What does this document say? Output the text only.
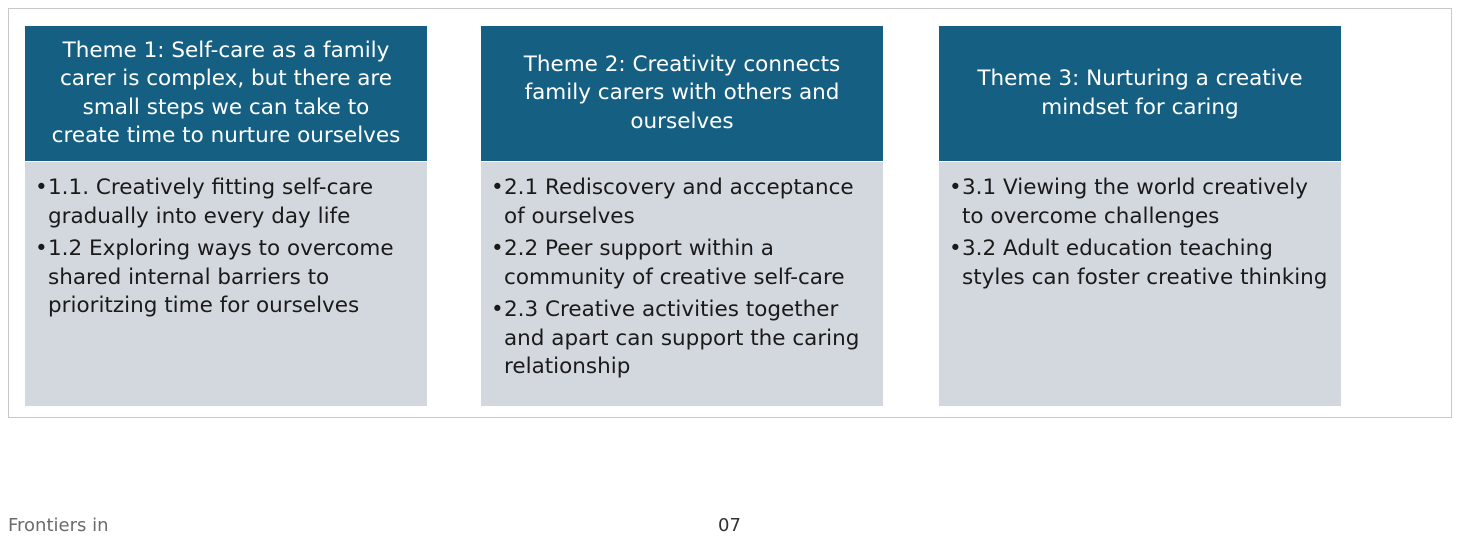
Theme 1: Self-care as a family
carer is complex, but there are
small steps we can take to
create time to nurture ourselves
• 1.1. Creatively fitting self-care gradually into every day life
• 1.2 Exploring ways to overcome shared internal barriers to prioritzing time for ourselves
Theme 2: Creativity connects
family carers with others and
ourselves
• 2.1 Rediscovery and acceptance of ourselves
• 2.2 Peer support within a community of creative self-care
• 2.3 Creative activities together and apart can support the caring relationship
Theme 3: Nurturing a creative
mindset for caring
• 3.1 Viewing the world creatively to overcome challenges
• 3.2 Adult education teaching styles can foster creative thinking
Frontiers in	07
